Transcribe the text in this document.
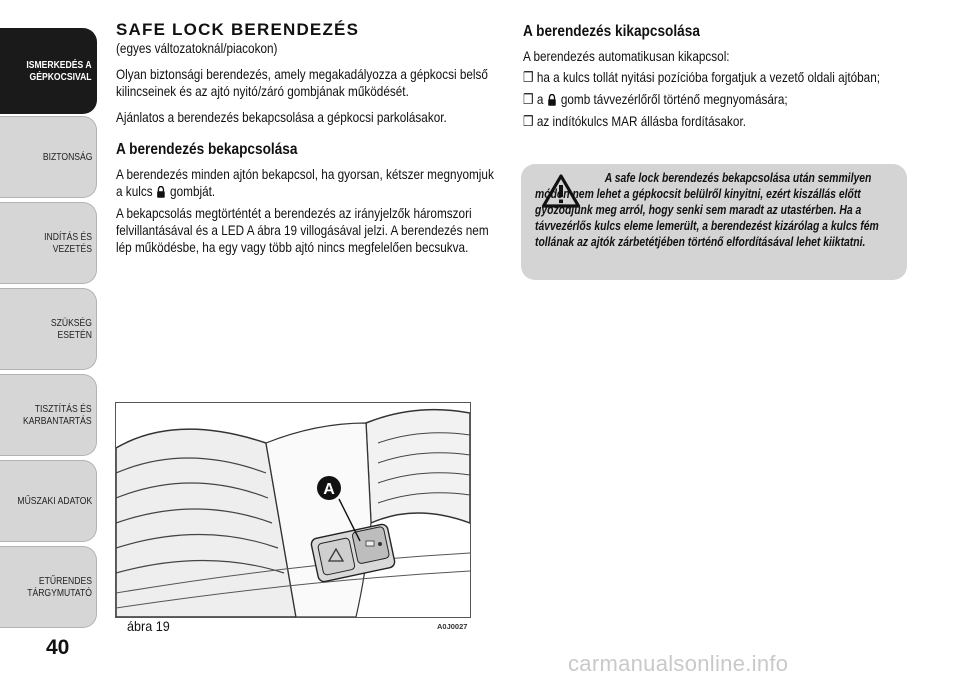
ISMERKEDÉS A
GÉPKOCSIVAL
BIZTONSÁG
INDÍTÁS ÉS VEZETÉS
SZÜKSÉG ESETÉN
TISZTÍTÁS ÉS
KARBANTARTÁS
MŰSZAKI ADATOK
ETŰRENDES
TÁRGYMUTATÓ
40
SAFE LOCK BERENDEZÉS

(egyes változatoknál/piacokon)

Olyan biztonsági berendezés, amely megakadályozza a gépkocsi belső kilincseinek és az ajtó nyitó/záró gombjának működését.

Ajánlatos a berendezés bekapcsolása a gépkocsi parkolásakor.

A berendezés bekapcsolása

A berendezés minden ajtón bekapcsol, ha gyorsan, kétszer megnyomjuk a kulcs gombját.

A bekapcsolás megtörténtét a berendezés az irányjelzők háromszori felvillantásával és a LED A ábra 19 villogásával jelzi. A berendezés nem lép működésbe, ha egy vagy több ajtó nincs megfelelően becsukva.

A berendezés kikapcsolása

A berendezés automatikusan kikapcsol:

❒ ha a kulcs tollát nyitási pozícióba forgatjuk a vezető oldali ajtóban;

❒ a gomb távvezérlőről történő megnyomására;

❒ az indítókulcs MAR állásba fordításakor.

A safe lock berendezés bekapcsolása után semmilyen módon nem lehet a gépkocsit belülről kinyitni, ezért kiszállás előtt győződjünk meg arról, hogy senki sem maradt az utastérben. Ha a távvezérlős kulcs eleme lemerült, a berendezést kizárólag a kulcs fém tollának az ajtók zárbetétjében történő elfordításával lehet kiiktatni.

A
ábra 19	A0J0027
carmanualsonline.info
